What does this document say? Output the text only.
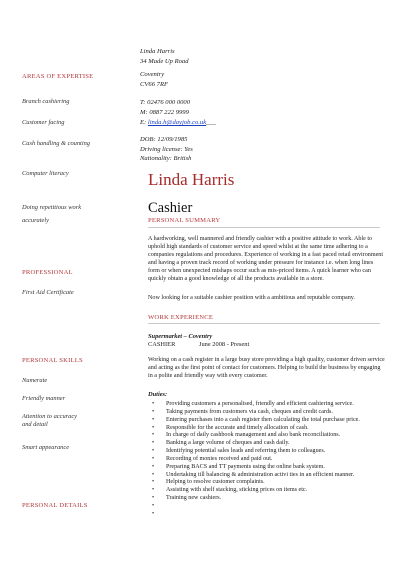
Linda Harris
34 Made Up Road
Coventry
CV66 7RF
T: 02476 000 0000
M: 0887 222 9999
E: linda.h@dayjob.co.uk___
DOB: 12/09/1985
Driving license: Yes
Nationality: British
AREAS OF EXPERTISE
Branch cashiering
Customer facing
Cash handling & counting
Computer literacy
Doing repetitious work
accurately
PROFESSIONAL
First Aid Certificate
PERSONAL SKILLS
Numerate
Friendly manner
Attention to accuracy
and detail
Smart appearance
PERSONAL DETAILS
Linda Harris
Cashier
PERSONAL SUMMARY
A hardworking, well mannered and friendly cashier with a positive attitude to work. Able to uphold high standards of customer service and speed whilst at the same time adhering to a companies regulations and procedures. Experience of working in a fast paced retail environment and having a proven track record of working under pressure for instance i.e. when long lines form or when unexpected mishaps occur such as mis-priced items. A quick learner who can quickly obtain a good knowledge of all the products available in a store.
Now looking for a suitable cashier position with a ambitious and reputable company.
WORK EXPERIENCE
Supermarket – Coventry
CASHIER	June 2008 - Present
Working on a cash register in a large busy store providing a high quality, customer driven service and acting as the first point of contact for customers. Helping to build the business by engaging in a polite and friendly way with every customer.
Duties:
• Providing customers a personalised, friendly and efficient cashiering service.
• Taking payments from customers via cash, cheques and credit cards.
• Entering purchases into a cash register then calculating the total purchase price.
• Responsible for the accurate and timely allocation of cash.
• In charge of daily cashbook management and also bank reconciliations.
• Banking a large volume of cheques and cash daily.
• Identifying potential sales leads and referring them to colleagues.
• Recording of monies received and paid out.
• Preparing BACS and TT payments using the online bank system.
• Undertaking till balancing & administration activi ties in an efficient manner.
• Helping to resolve customer complaints.
• Assisting with shelf stacking, sticking prices on items etc.
• Training new cashiers.
•
•
